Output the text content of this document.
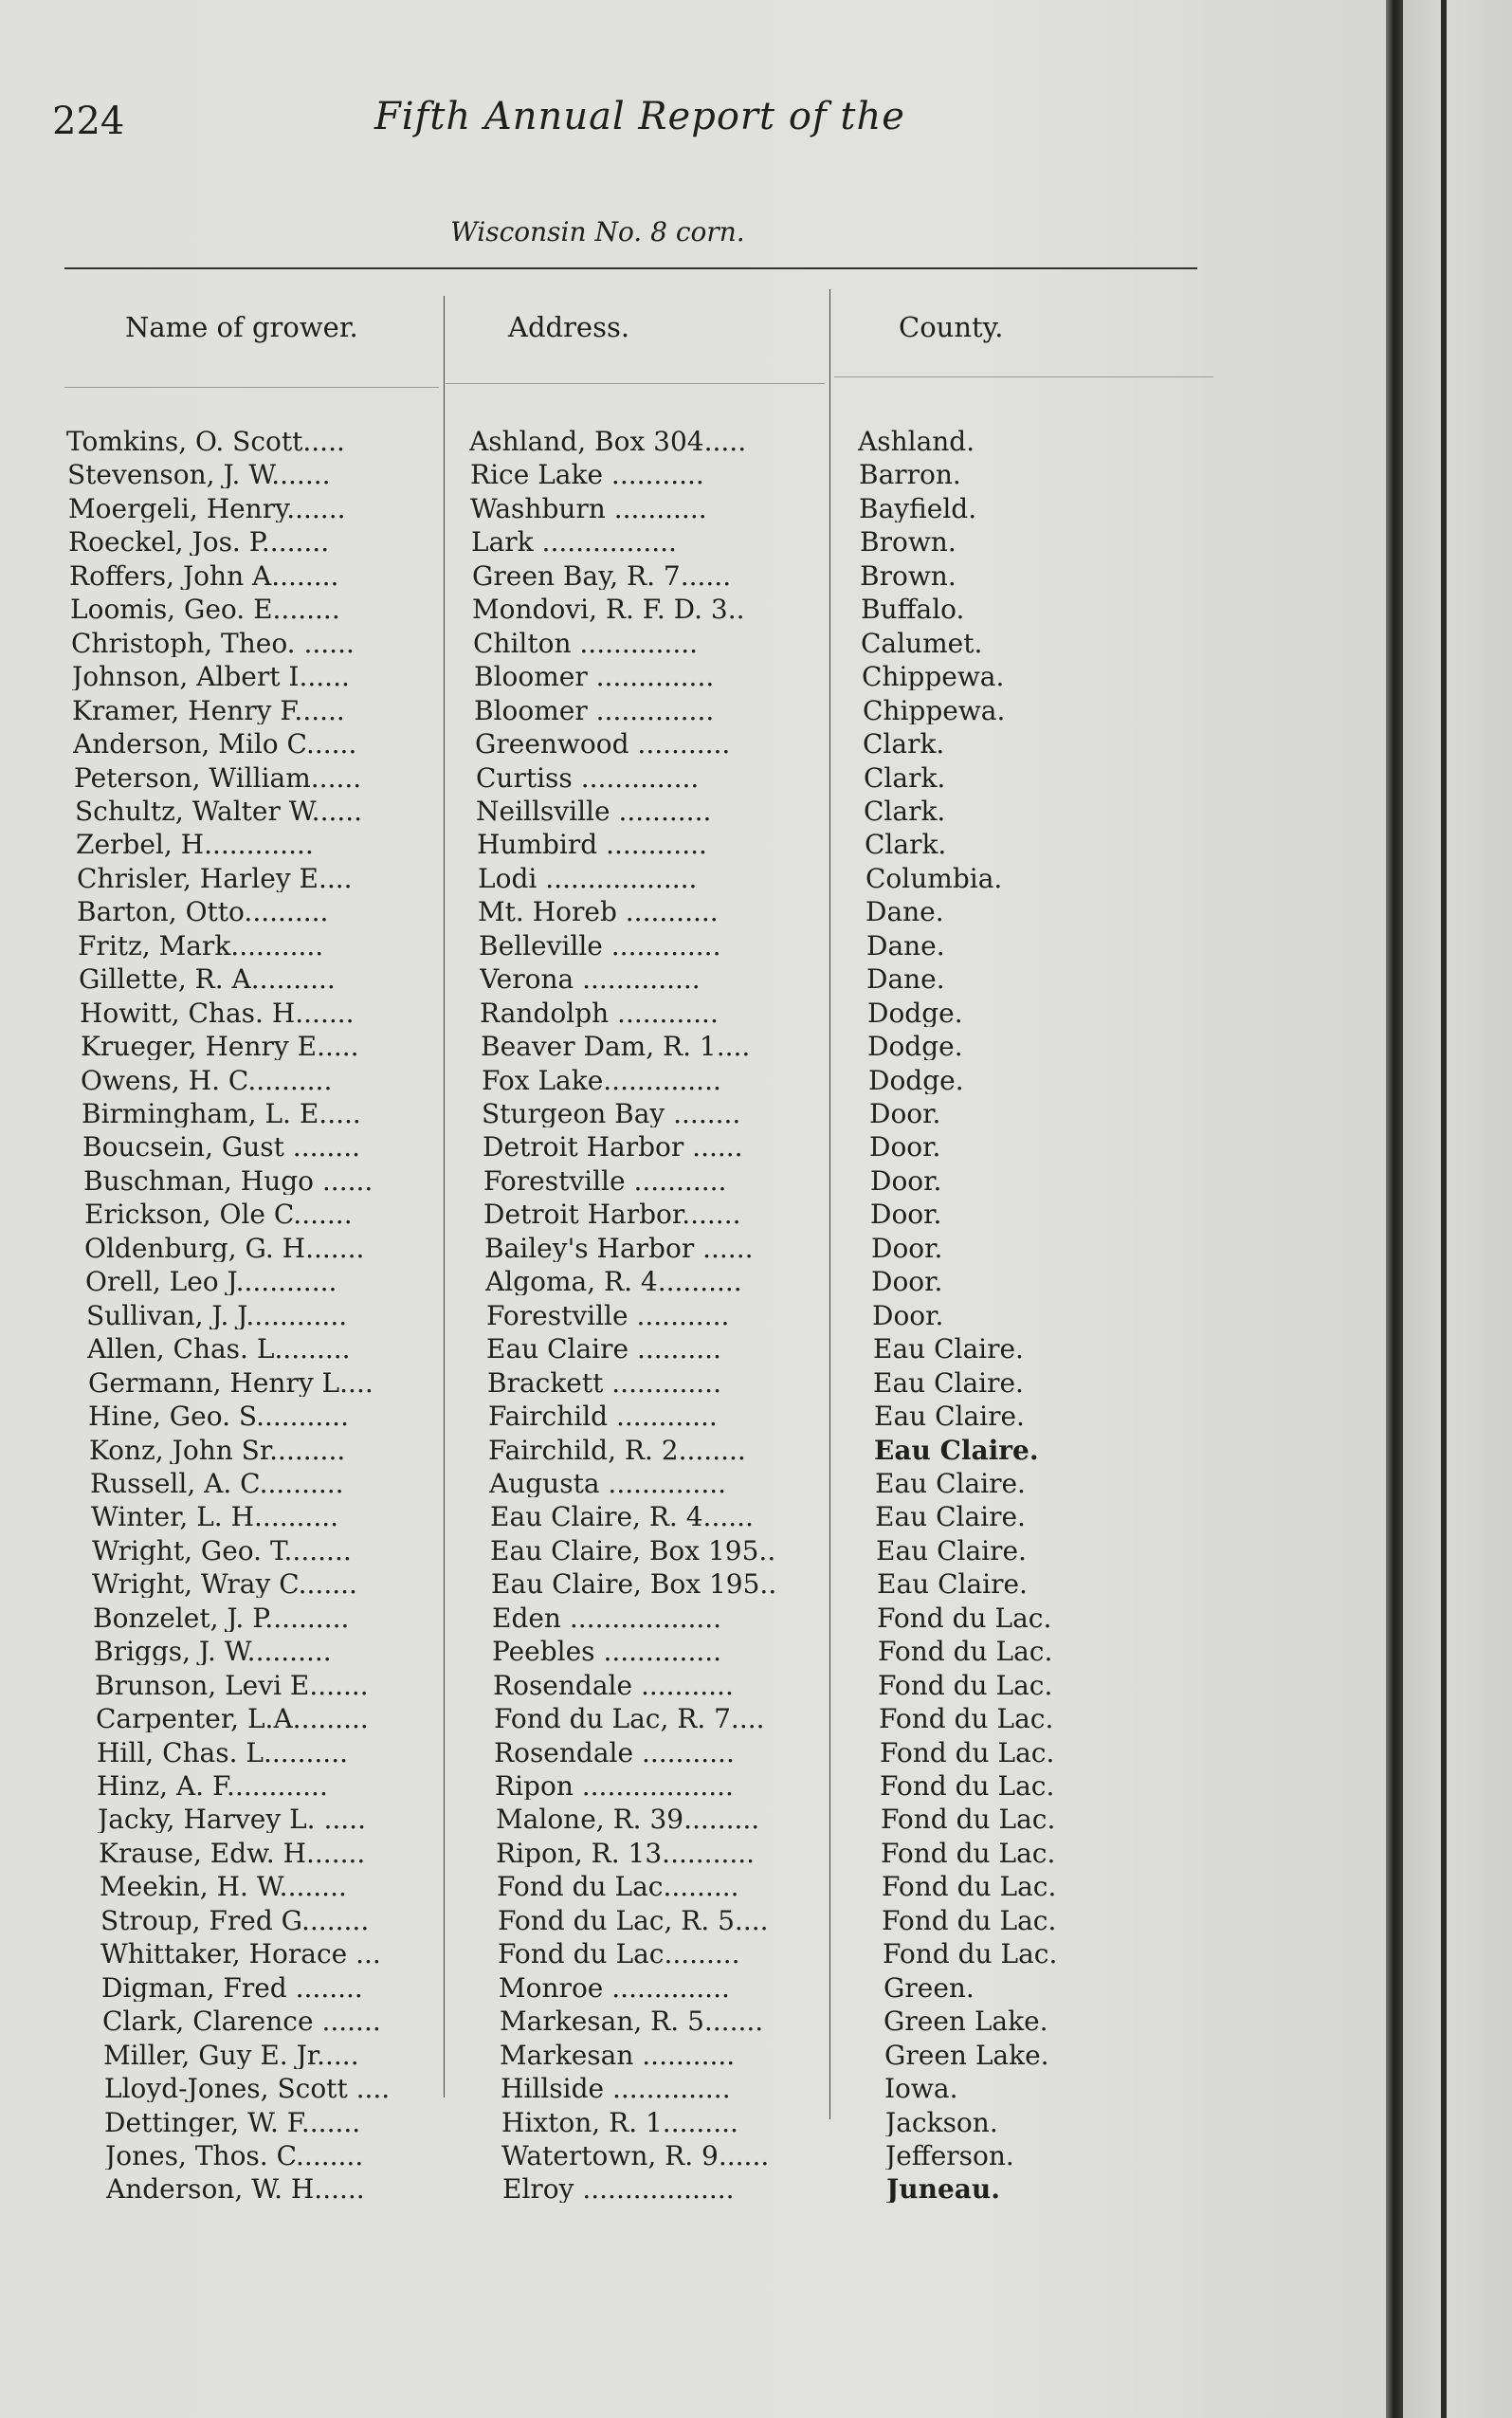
224	Fifth Annual Report of the
Wisconsin No. 8 corn.
Name of grower.	Address.	County.
Tomkins, O. Scott.....	Ashland, Box 304.....	Ashland.
Stevenson, J. W.......	Rice Lake ...........	Barron.
Moergeli, Henry.......	Washburn ...........	Bayfield.
Roeckel, Jos. P........	Lark ................	Brown.
Roffers, John A........	Green Bay, R. 7......	Brown.
Loomis, Geo. E........	Mondovi, R. F. D. 3..	Buffalo.
Christoph, Theo. ......	Chilton ..............	Calumet.
Johnson, Albert I......	Bloomer ..............	Chippewa.
Kramer, Henry F......	Bloomer ..............	Chippewa.
Anderson, Milo C......	Greenwood ...........	Clark.
Peterson, William......	Curtiss ..............	Clark.
Schultz, Walter W......	Neillsville ...........	Clark.
Zerbel, H.............	Humbird ............	Clark.
Chrisler, Harley E....	Lodi ..................	Columbia.
Barton, Otto..........	Mt. Horeb ...........	Dane.
Fritz, Mark...........	Belleville .............	Dane.
Gillette, R. A..........	Verona ..............	Dane.
Howitt, Chas. H.......	Randolph ............	Dodge.
Krueger, Henry E.....	Beaver Dam, R. 1....	Dodge.
Owens, H. C..........	Fox Lake..............	Dodge.
Birmingham, L. E.....	Sturgeon Bay ........	Door.
Boucsein, Gust ........	Detroit Harbor ......	Door.
Buschman, Hugo ......	Forestville ...........	Door.
Erickson, Ole C.......	Detroit Harbor.......	Door.
Oldenburg, G. H.......	Bailey's Harbor ......	Door.
Orell, Leo J............	Algoma, R. 4..........	Door.
Sullivan, J. J............	Forestville ...........	Door.
Allen, Chas. L.........	Eau Claire ..........	Eau Claire.
Germann, Henry L....	Brackett .............	Eau Claire.
Hine, Geo. S...........	Fairchild ............	Eau Claire.
Konz, John Sr.........	Fairchild, R. 2........	Eau Claire.
Russell, A. C..........	Augusta ..............	Eau Claire.
Winter, L. H..........	Eau Claire, R. 4......	Eau Claire.
Wright, Geo. T........	Eau Claire, Box 195..	Eau Claire.
Wright, Wray C.......	Eau Claire, Box 195..	Eau Claire.
Bonzelet, J. P..........	Eden ..................	Fond du Lac.
Briggs, J. W..........	Peebles ..............	Fond du Lac.
Brunson, Levi E.......	Rosendale ...........	Fond du Lac.
Carpenter, L.A.........	Fond du Lac, R. 7....	Fond du Lac.
Hill, Chas. L..........	Rosendale ...........	Fond du Lac.
Hinz, A. F............	Ripon ..................	Fond du Lac.
Jacky, Harvey L. .....	Malone, R. 39.........	Fond du Lac.
Krause, Edw. H.......	Ripon, R. 13...........	Fond du Lac.
Meekin, H. W........	Fond du Lac.........	Fond du Lac.
Stroup, Fred G........	Fond du Lac, R. 5....	Fond du Lac.
Whittaker, Horace ...	Fond du Lac.........	Fond du Lac.
Digman, Fred ........	Monroe ..............	Green.
Clark, Clarence .......	Markesan, R. 5.......	Green Lake.
Miller, Guy E. Jr.....	Markesan ...........	Green Lake.
Lloyd-Jones, Scott ....	Hillside ..............	Iowa.
Dettinger, W. F.......	Hixton, R. 1.........	Jackson.
Jones, Thos. C........	Watertown, R. 9......	Jefferson.
Anderson, W. H......	Elroy ..................	Juneau.
